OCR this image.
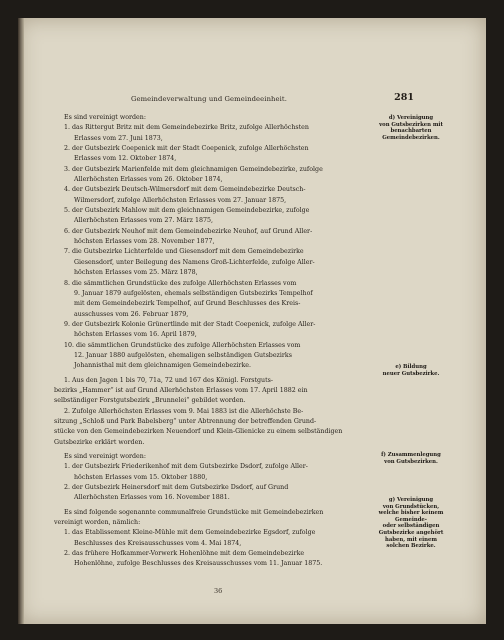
Gemeindeverwaltung und Gemeindeeinheit.	281
Es sind vereinigt worden:
1. das Rittergut Britz mit dem Gemeindebezirke Britz, zufolge Allerhöchsten
Erlasses vom 27. Juni 1873,
2. der Gutsbezirk Coepenick mit der Stadt Coepenick, zufolge Allerhöchsten
Erlasses vom 12. Oktober 1874,
3. der Gutsbezirk Marienfelde mit dem gleichnamigen Gemeindebezirke, zufolge
Allerhöchsten Erlasses vom 26. Oktober 1874,
4. der Gutsbezirk Deutsch-Wilmersdorf mit dem Gemeindebezirke Deutsch-
Wilmersdorf, zufolge Allerhöchsten Erlasses vom 27. Januar 1875,
5. der Gutsbezirk Mahlow mit dem gleichnamigen Gemeindebezirke, zufolge
Allerhöchsten Erlasses vom 27. März 1875,
6. der Gutsbezirk Neuhof mit dem Gemeindebezirke Neuhof, auf Grund Aller-
höchsten Erlasses vom 28. November 1877,
7. die Gutsbezirke Lichterfelde und Giesensdorf mit dem Gemeindebezirke
Giesensdorf, unter Beilegung des Namens Groß-Lichterfelde, zufolge Aller-
höchsten Erlasses vom 25. März 1878,
8. die sämmtlichen Grundstücke des zufolge Allerhöchsten Erlasses vom
9. Januar 1879 aufgelösten, ehemals selbständigen Gutsbezirks Tempelhof
mit dem Gemeindebezirk Tempelhof, auf Grund Beschlusses des Kreis-
ausschusses vom 26. Februar 1879,
9. der Gutsbezirk Kolonie Grünertlinde mit der Stadt Coepenick, zufolge Aller-
höchsten Erlasses vom 16. April 1879,
10. die sämmtlichen Grundstücke des zufolge Allerhöchsten Erlasses vom
12. Januar 1880 aufgelösten, ehemaligen selbständigen Gutsbezirks
Johannisthal mit dem gleichnamigen Gemeindebezirke.
1. Aus den Jagen 1 bis 70, 71a, 72 und 167 des Königl. Forstguts-
bezirks „Hammer“ ist auf Grund Allerhöchsten Erlasses vom 17. April 1882 ein
selbständiger Forstgutsbezirk „Brunnelei“ gebildet worden.
2. Zufolge Allerhöchsten Erlasses vom 9. Mai 1883 ist die Allerhöchste Be-
sitzung „Schloß und Park Babelsberg“ unter Abtrennung der betreffenden Grund-
stücke von den Gemeindebezirken Neuendorf und Klein-Glienicke zu einem selbständigen
Gutsbezirke erklärt worden.
Es sind vereinigt worden:
1. der Gutsbezirk Friederikenhof mit dem Gutsbezirke Dsdorf, zufolge Aller-
höchsten Erlasses vom 15. Oktober 1880,
2. der Gutsbezirk Heinersdorf mit dem Gutsbezirke Dsdorf, auf Grund
Allerhöchsten Erlasses vom 16. November 1881.
Es sind folgende sogenannte communalfreie Grundstücke mit Gemeindebezirken
vereinigt worden, nämlich:
1. das Etablissement Kleine-Mühle mit dem Gemeindebezirke Egsdorf, zufolge
Beschlusses des Kreisausschusses vom 4. Mai 1874,
2. das frühere Hofkammer-Vorwerk Hohenlöhne mit dem Gemeindebezirke
Hohenlöhne, zufolge Beschlusses des Kreisausschusses vom 11. Januar 1875.
d) Vereinigung
von Gutsbezirken mit
benachbarten
Gemeindebezirken.
e) Bildung
neuer Gutsbezirke.
f) Zusammenlegung
von Gutsbezirken.
g) Vereinigung
von Grundstücken,
welche bisher keinem
Gemeinde-
oder selbständigen
Gutsbezirke angehört
haben, mit einem
solchen Bezirke.
36
